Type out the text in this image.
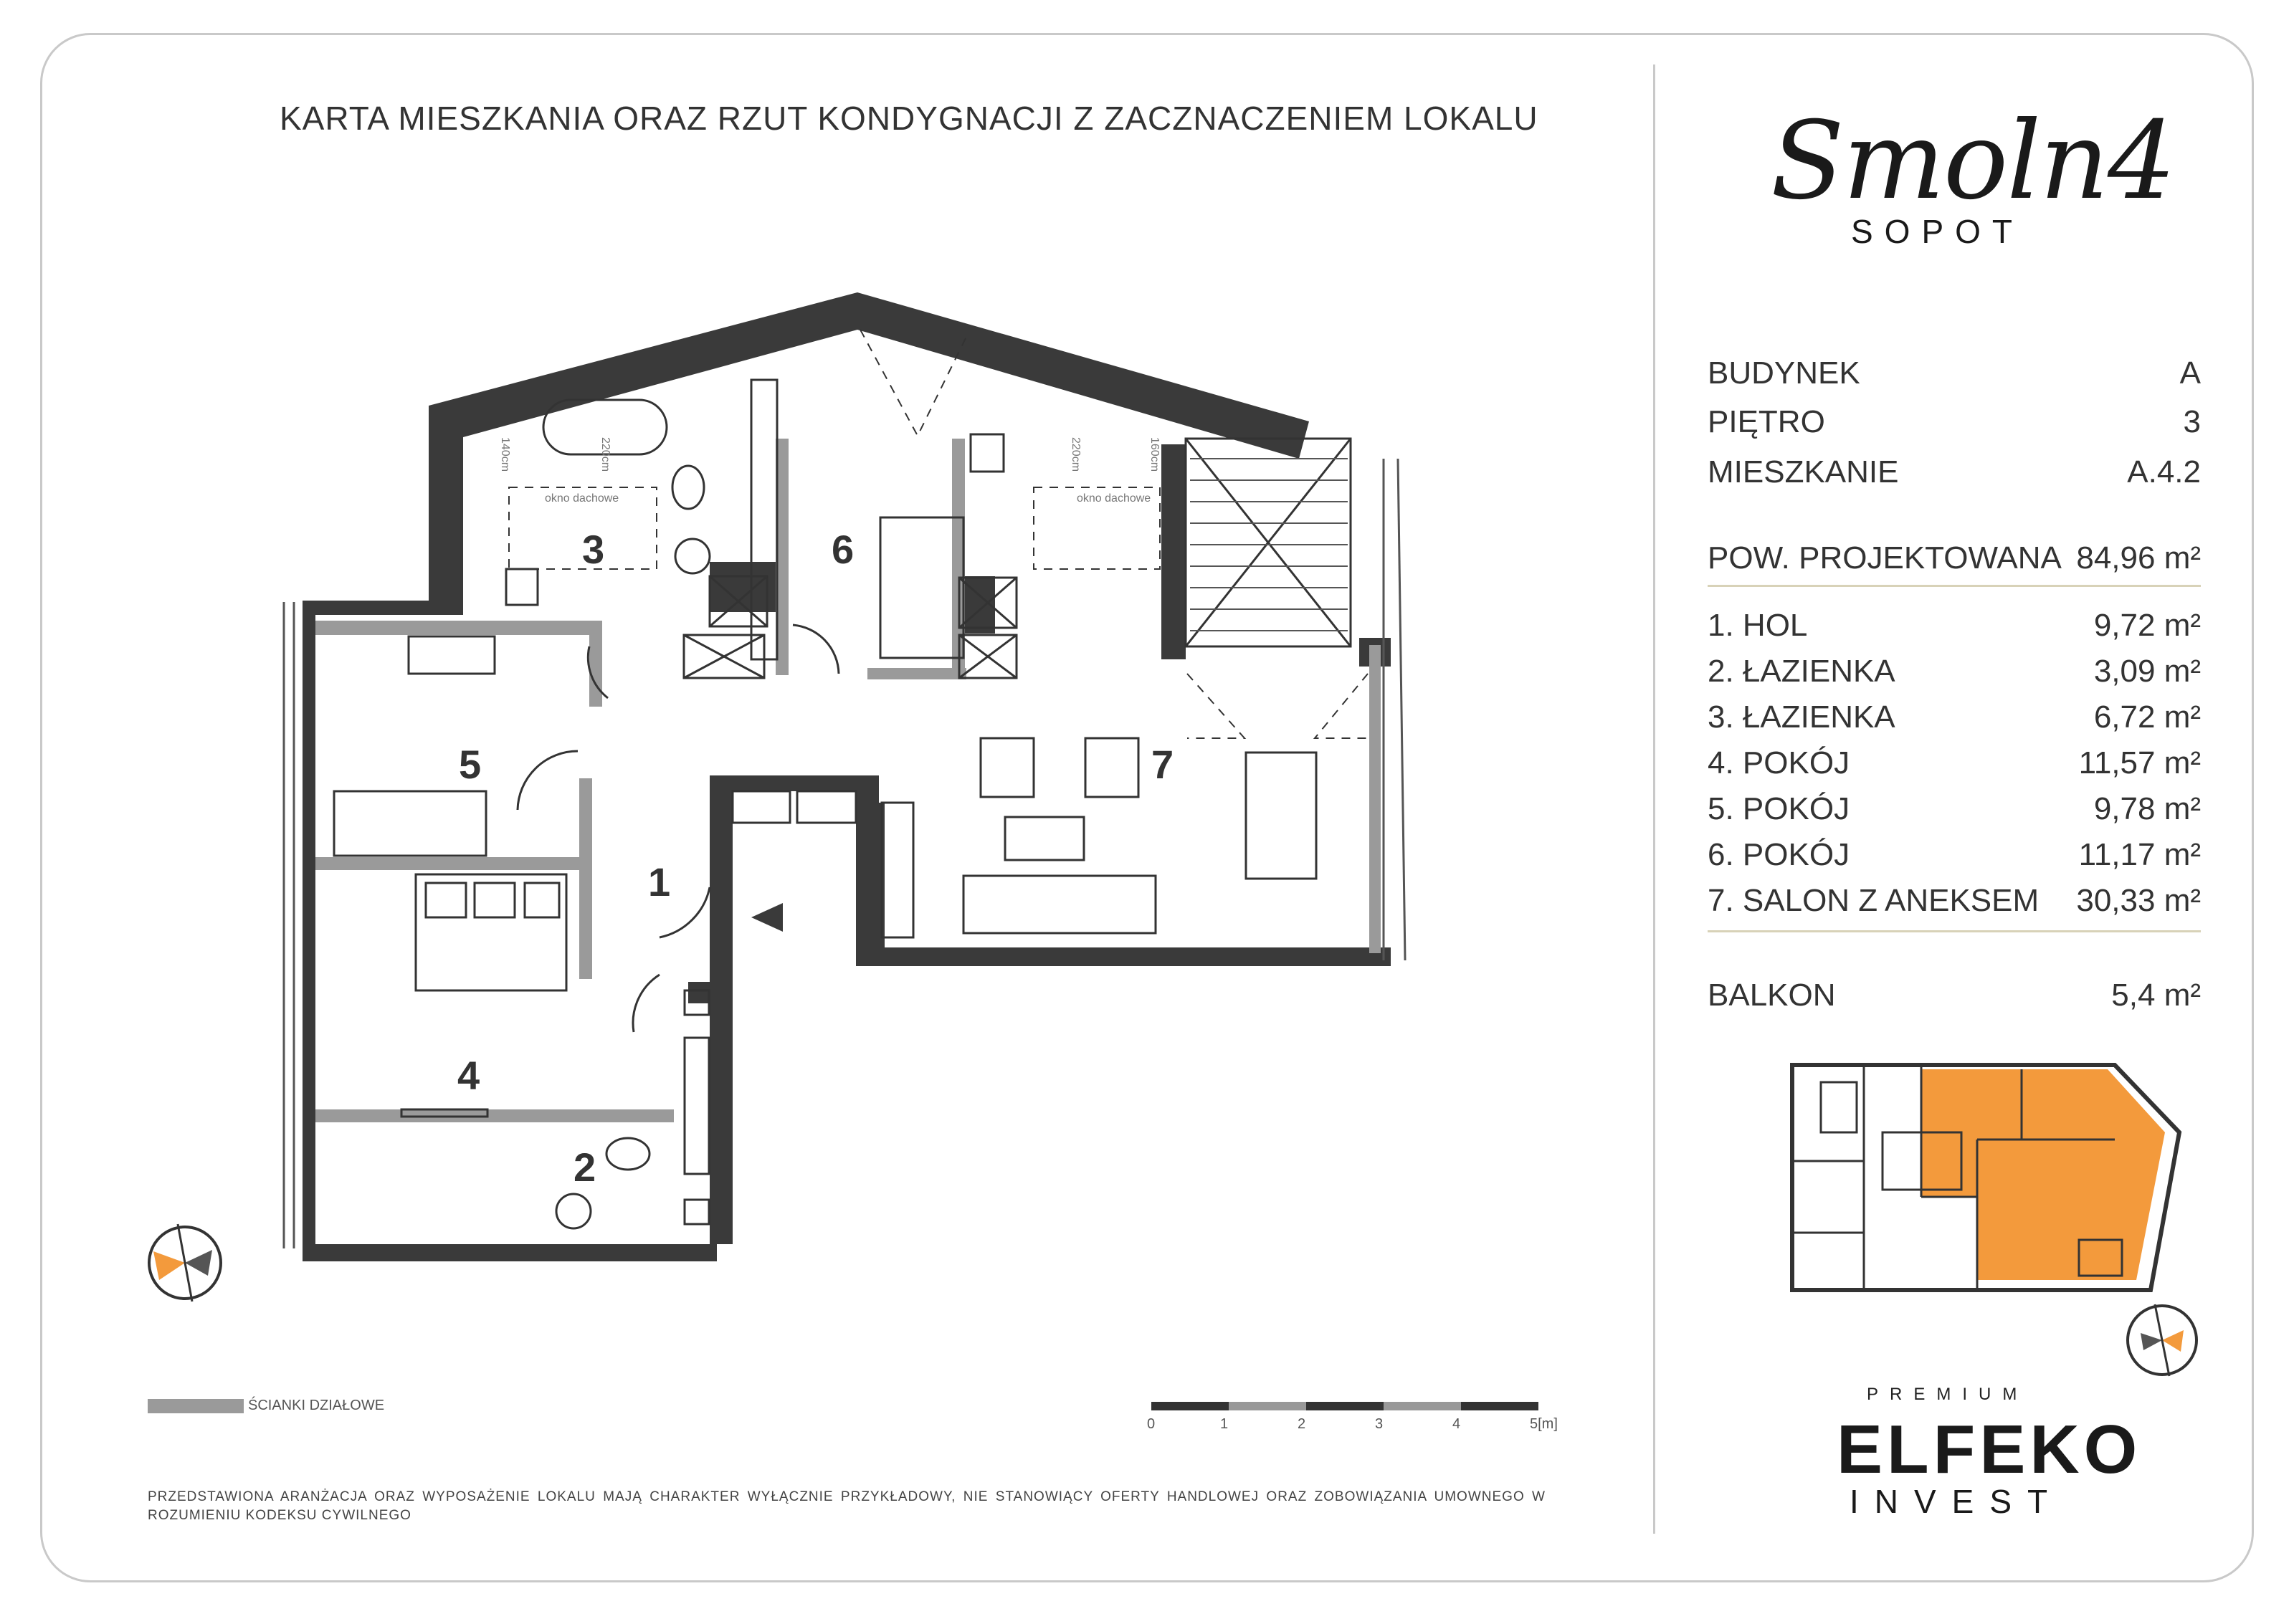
KARTA MIESZKANIA ORAZ RZUT KONDYGNACJI Z ZACZNACZENIEM LOKALU
1
2
3
4
5
6
7
okno dachowe	okno dachowe
140cm	220cm	220cm	160cm
Smoln4
SOPOT
BUDYNEK	A
PIĘTRO	3
MIESZKANIE	A.4.2
POW. PROJEKTOWANA 84,96 m²
1. HOL	9,72 m²
2. ŁAZIENKA	3,09 m²
3. ŁAZIENKA	6,72 m²
4. POKÓJ	11,57 m²
5. POKÓJ	9,78 m²
6. POKÓJ	11,17 m²
7. SALON Z ANEKSEM 30,33 m²
BALKON	5,4 m²
ŚCIANKI DZIAŁOWE
0	1	2	3	4	5[m]
PRZEDSTAWIONA ARANŻACJA ORAZ WYPOSAŻENIE LOKALU MAJĄ CHARAKTER WYŁĄCZNIE PRZYKŁADOWY, NIE STANOWIĄCY OFERTY HANDLOWEJ ORAZ ZOBOWIĄZANIA UMOWNEGO W ROZUMIENIU KODEKSU CYWILNEGO
PREMIUM
ELFEKO
INVEST
